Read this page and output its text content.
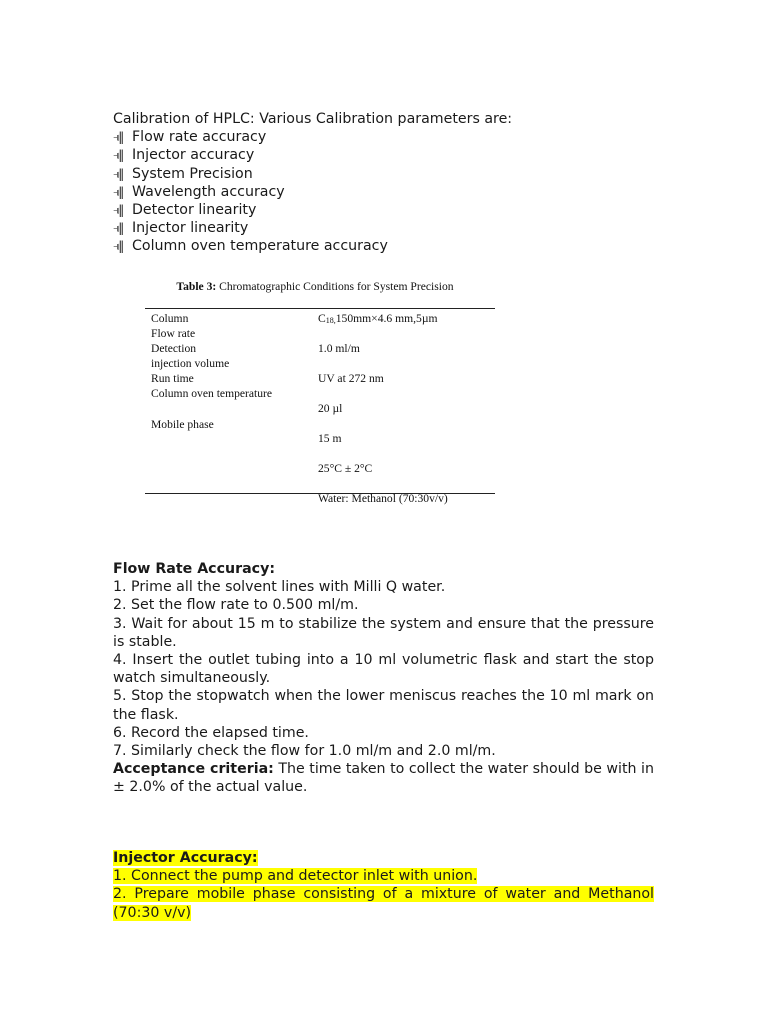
Calibration of HPLC: Various Calibration parameters are:
⫣‖ Flow rate accuracy
⫣‖ Injector accuracy
⫣‖ System Precision
⫣‖ Wavelength accuracy
⫣‖ Detector linearity
⫣‖ Injector linearity
⫣‖ Column oven temperature accuracy
Table 3: Chromatographic Conditions for System Precision
Column
Flow rate
Detection
injection volume
Run time
Column oven temperature
Mobile phase
$C_{18,}150mm\times 4.6$ mm,5µm
1.0 ml/m
UV at 272 nm
20 µl
15 m
25°C ± 2°C
Water: Methanol (70:30v/v)
Flow Rate Accuracy:
1. Prime all the solvent lines with Milli Q water.
2. Set the flow rate to 0.500 ml/m.
3. Wait for about 15 m to stabilize the system and ensure that the pressure is stable.
4. Insert the outlet tubing into a 10 ml volumetric flask and start the stop watch simultaneously.
5. Stop the stopwatch when the lower meniscus reaches the 10 ml mark on the flask.
6. Record the elapsed time.
7. Similarly check the flow for 1.0 ml/m and 2.0 ml/m.
Acceptance criteria: The time taken to collect the water should be with in ± 2.0% of the actual value.
Injector Accuracy:
1. Connect the pump and detector inlet with union.
2. Prepare mobile phase consisting of a mixture of water and Methanol (70:30 v/v)
